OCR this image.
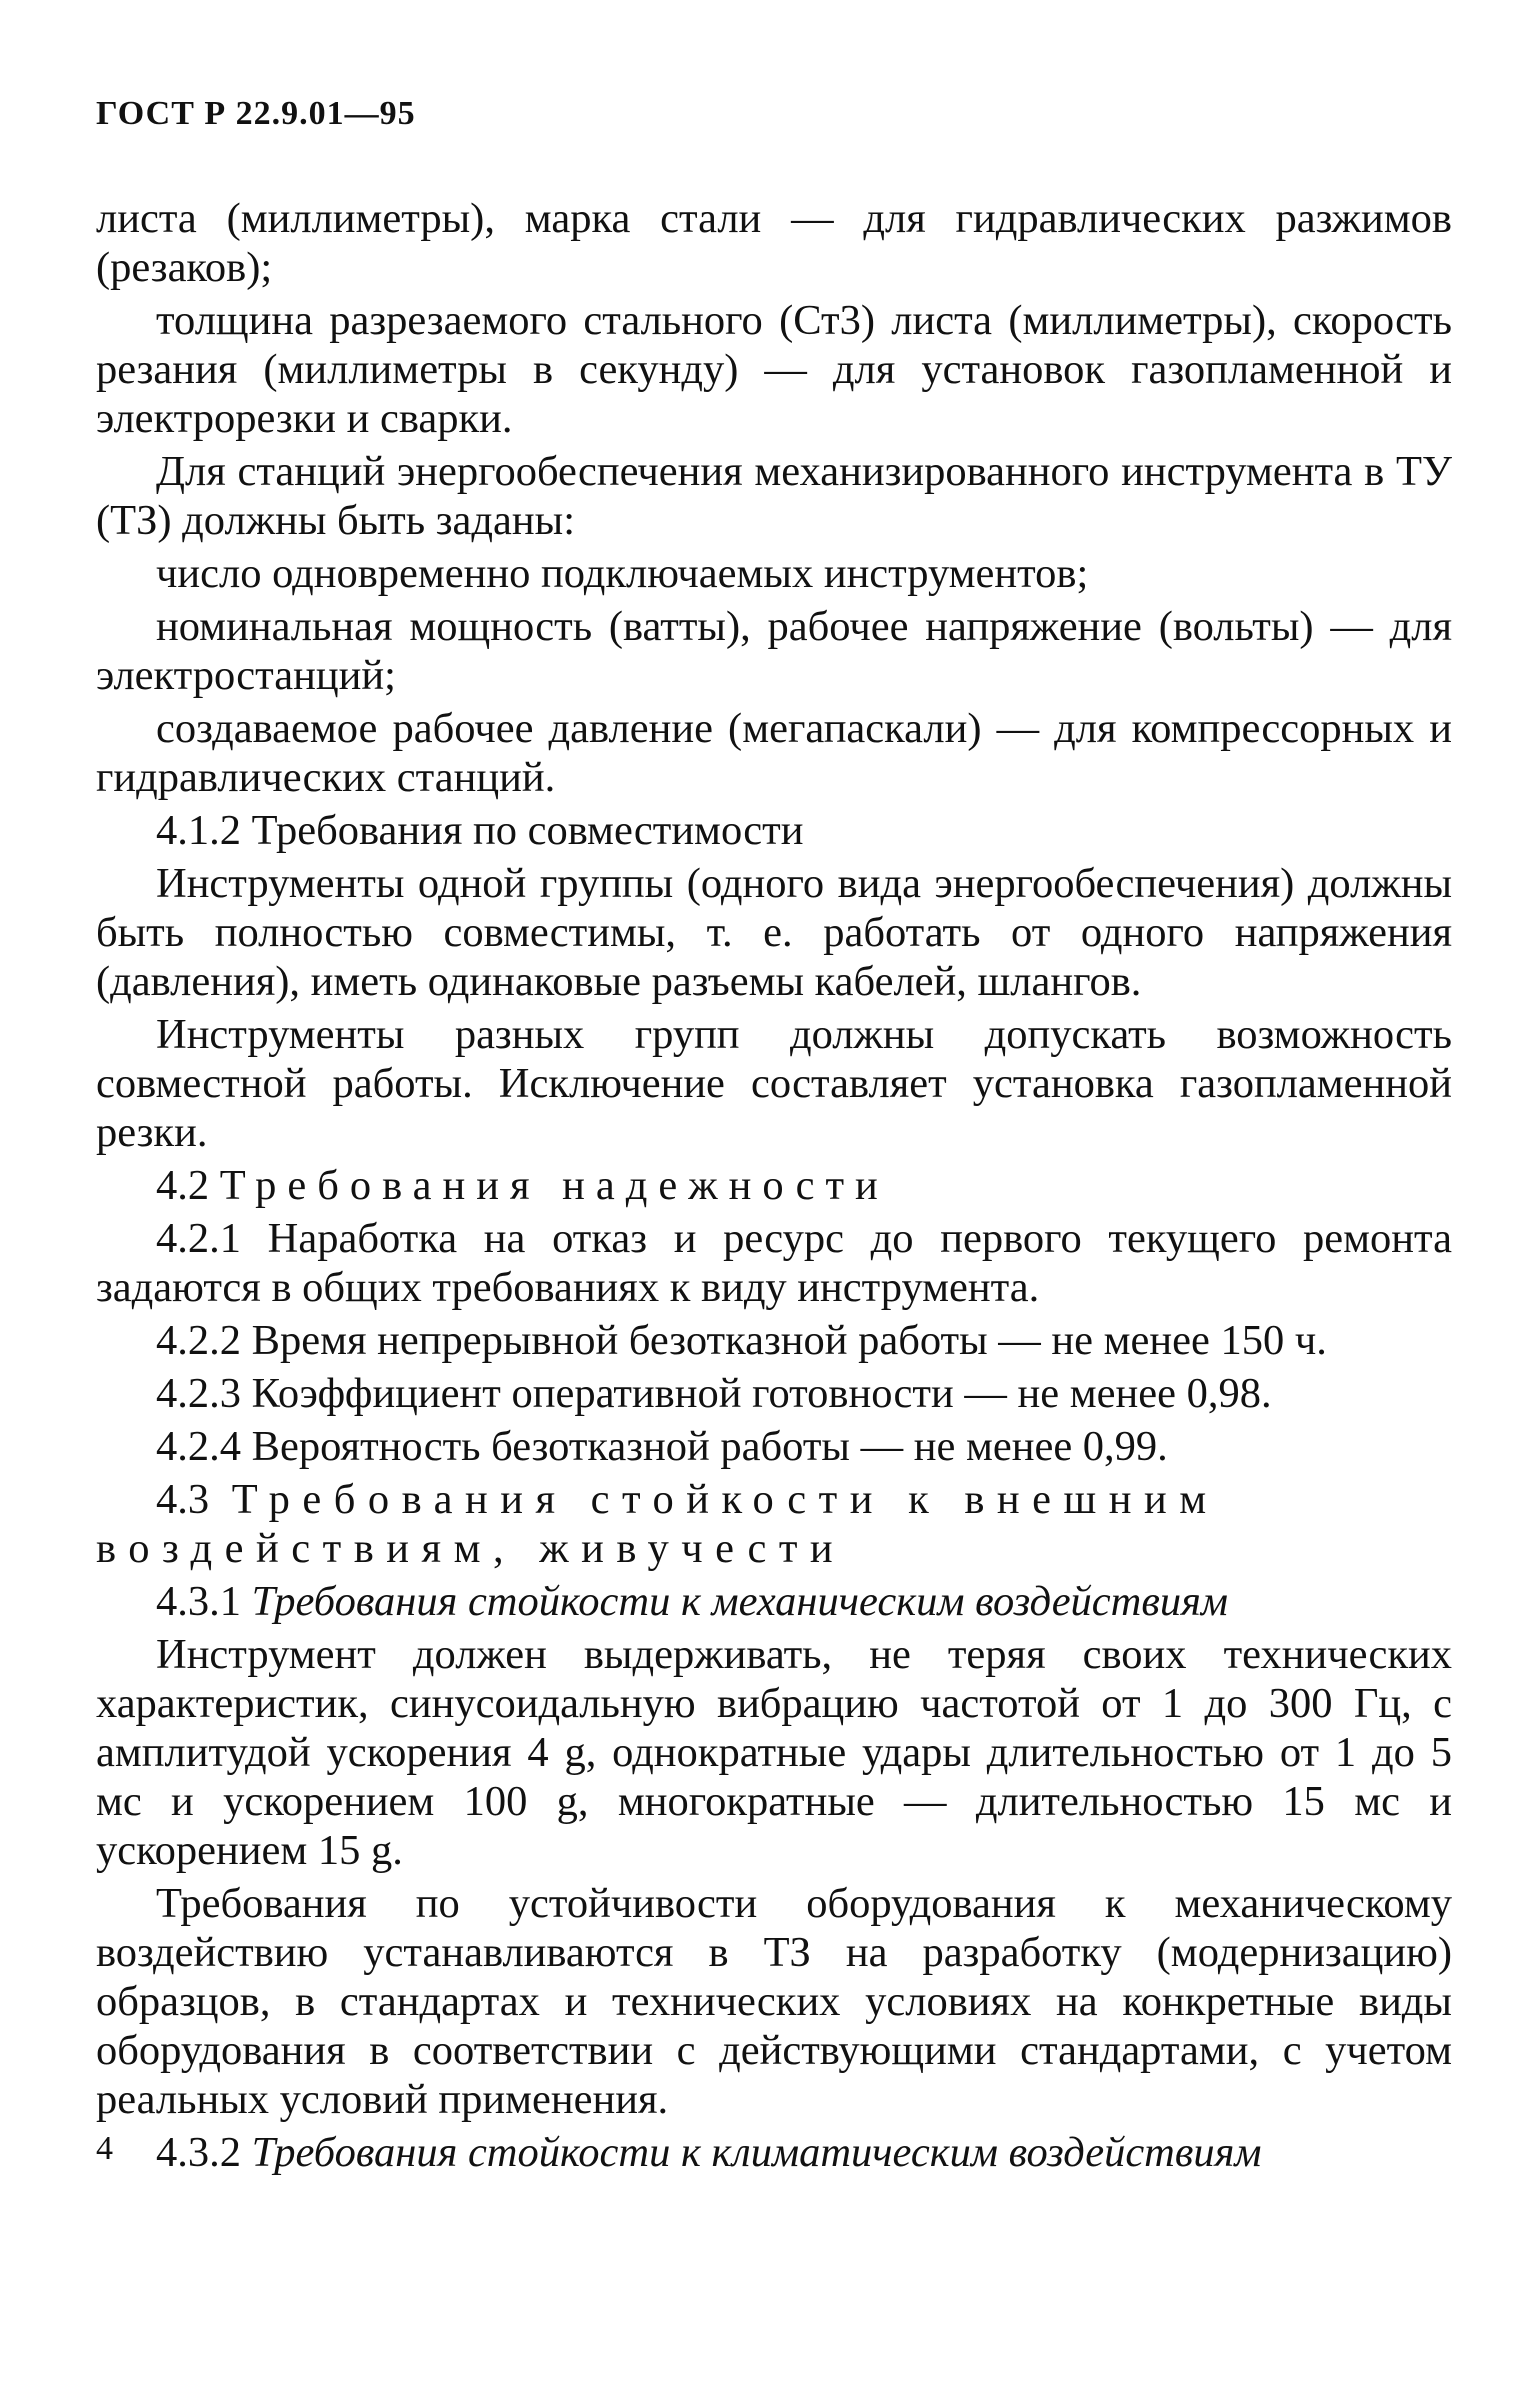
ГОСТ Р 22.9.01—95

листа (миллиметры), марка стали — для гидравлических разжимов (резаков);

толщина разрезаемого стального (Ст3) листа (миллиметры), скорость резания (миллиметры в секунду) — для установок газопламенной и электрорезки и сварки.

Для станций энергообеспечения механизированного инструмента в ТУ (ТЗ) должны быть заданы:

число одновременно подключаемых инструментов;

номинальная мощность (ватты), рабочее напряжение (вольты) — для электростанций;

создаваемое рабочее давление (мегапаскали) — для компрессорных и гидравлических станций.

4.1.2 Требования по совместимости

Инструменты одной группы (одного вида энергообеспечения) должны быть полностью совместимы, т. е. работать от одного напряжения (давления), иметь одинаковые разъемы кабелей, шлангов.

Инструменты разных групп должны допускать возможность совместной работы. Исключение составляет установка газопламенной резки.

4.2 Требования надежности

4.2.1 Наработка на отказ и ресурс до первого текущего ремонта задаются в общих требованиях к виду инструмента.

4.2.2 Время непрерывной безотказной работы — не менее 150 ч.

4.2.3 Коэффициент оперативной готовности — не менее 0,98.

4.2.4 Вероятность безотказной работы — не менее 0,99.

4.3 Требования стойкости к внешним воздействиям, живучести

4.3.1 Требования стойкости к механическим воздействиям

Инструмент должен выдерживать, не теряя своих технических характеристик, синусоидальную вибрацию частотой от 1 до 300 Гц, с амплитудой ускорения 4 g, однократные удары длительностью от 1 до 5 мс и ускорением 100 g, многократные — длительностью 15 мс и ускорением 15 g.

Требования по устойчивости оборудования к механическому воздействию устанавливаются в ТЗ на разработку (модернизацию) образцов, в стандартах и технических условиях на конкретные виды оборудования в соответствии с действующими стандартами, с учетом реальных условий применения.

4.3.2 Требования стойкости к климатическим воздействиям

4
